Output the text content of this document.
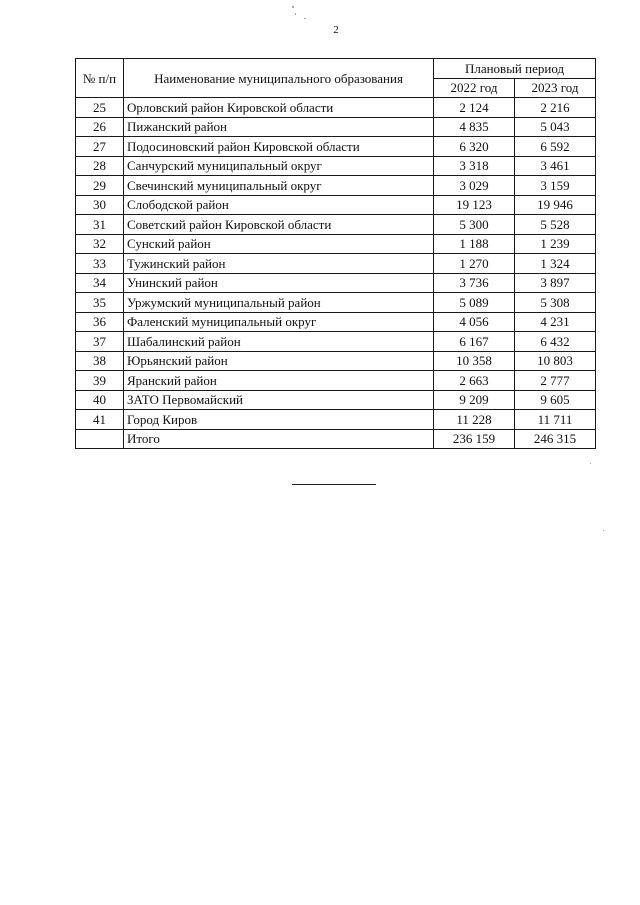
2
№ п/п	Наименование муниципального образования	Плановый период	
		2022 год	2023 год
25	Орловский район Кировской области	2 124	2 216
26	Пижанский район	4 835	5 043
27	Подосиновский район Кировской области	6 320	6 592
28	Санчурский муниципальный округ	3 318	3 461
29	Свечинский муниципальный округ	3 029	3 159
30	Слободской район	19 123	19 946
31	Советский район Кировской области	5 300	5 528
32	Сунский район	1 188	1 239
33	Тужинский район	1 270	1 324
34	Унинский район	3 736	3 897
35	Уржумский муниципальный район	5 089	5 308
36	Фаленский муниципальный округ	4 056	4 231
37	Шабалинский район	6 167	6 432
38	Юрьянский район	10 358	10 803
39	Яранский район	2 663	2 777
40	ЗАТО Первомайский	9 209	9 605
41	Город Киров	11 228	11 711
	Итого	236 159	246 315
